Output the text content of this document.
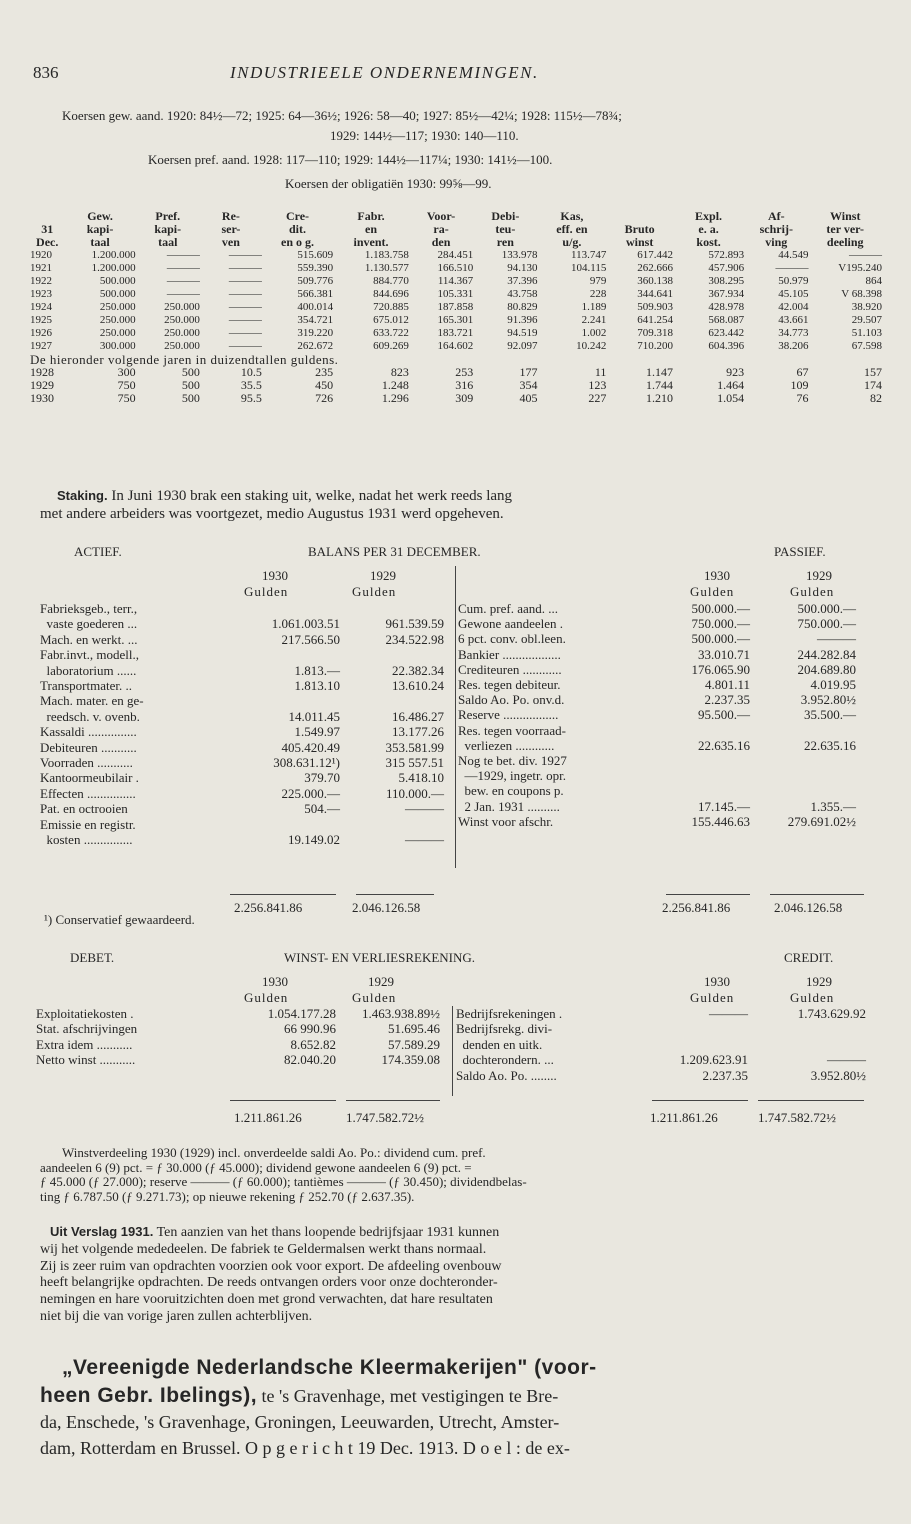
836	INDUSTRIEELE ONDERNEMINGEN.
Koersen gew. aand. 1920: 84½—72; 1925: 64—36½; 1926: 58—40; 1927: 85½—42¼; 1928: 115½—78¾;
1929: 144½—117; 1930: 140—110.
Koersen pref. aand. 1928: 117—110; 1929: 144½—117¼; 1930: 141½—100.
Koersen der obligatiën 1930: 99⅝—99.
	Gew.	Pref.	Re-	Cre-	Fabr.	Voor-	Debi-	Kas,		Expl.	Af-	Winst
31	kapi-	kapi-	ser-	dit.	en	ra-	teu-	eff. en	Bruto	e. a.	schrij-	ter ver-
Dec.	taal	taal	ven	en o g.	invent.	den	ren	u/g.	winst	kost.	ving	deeling
1920	1.200.000	———	———	515.609	1.183.758	284.451	133.978	113.747	617.442	572.893	44.549	———
1921	1.200.000	———	———	559.390	1.130.577	166.510	94.130	104.115	262.666	457.906	———	V195.240
1922	500.000	———	———	509.776	884.770	114.367	37.396	979	360.138	308.295	50.979	864
1923	500.000	———	———	566.381	844.696	105.331	43.758	228	344.641	367.934	45.105	V 68.398
1924	250.000	250.000	———	400.014	720.885	187.858	80.829	1.189	509.903	428.978	42.004	38.920
1925	250.000	250.000	———	354.721	675.012	165.301	91.396	2.241	641.254	568.087	43.661	29.507
1926	250.000	250.000	———	319.220	633.722	183.721	94.519	1.002	709.318	623.442	34.773	51.103
1927	300.000	250.000	———	262.672	609.269	164.602	92.097	10.242	710.200	604.396	38.206	67.598
De hieronder volgende jaren in duizendtallen guldens.												
1928	300	500	10.5	235	823	253	177	11	1.147	923	67	157
1929	750	500	35.5	450	1.248	316	354	123	1.744	1.464	109	174
1930	750	500	95.5	726	1.296	309	405	227	1.210	1.054	76	82
Staking. In Juni 1930 brak een staking uit, welke, nadat het werk reeds lang
met andere arbeiders was voortgezet, medio Augustus 1931 werd opgeheven.
ACTIEF.	BALANS PER 31 DECEMBER.	PASSIEF.
1930	1929	1930	1929
Gulden	Gulden	Gulden	Gulden
Fabrieksgeb., terr.,		
vaste goederen ...	1.061.003.51	961.539.59
Mach. en werkt. ...	217.566.50	234.522.98
Fabr.invt., modell.,		
laboratorium ......	1.813.—	22.382.34
Transportmater. ..	1.813.10	13.610.24
Mach. mater. en ge-		
reedsch. v. ovenb.	14.011.45	16.486.27
Kassaldi ...............	1.549.97	13.177.26
Debiteuren ...........	405.420.49	353.581.99
Voorraden ...........	308.631.12¹)	315 557.51
Kantoormeubilair .	379.70	5.418.10
Effecten ...............	225.000.—	110.000.—
Pat. en octrooien	504.—	———
Emissie en registr.		
kosten ...............	19.149.02	———
Cum. pref. aand. ...	500.000.—	500.000.—
Gewone aandeelen .	750.000.—	750.000.—
6 pct. conv. obl.leen.	500.000.—	———
Bankier ..................	33.010.71	244.282.84
Crediteuren ............	176.065.90	204.689.80
Res. tegen debiteur.	4.801.11	4.019.95
Saldo Ao. Po. onv.d.	2.237.35	3.952.80½
Reserve .................	95.500.—	35.500.—
Res. tegen voorraad-		
verliezen ............	22.635.16	22.635.16
Nog te bet. div. 1927		
—1929, ingetr. opr.		
bew. en coupons p.		
2 Jan. 1931 ..........	17.145.—	1.355.—
Winst voor afschr.	155.446.63	279.691.02½
2.256.841.86	2.046.126.58	2.256.841.86	2.046.126.58
¹) Conservatief gewaardeerd.
DEBET.	WINST- EN VERLIESREKENING.	CREDIT.
1930	1929	1930	1929
Gulden	Gulden	Gulden	Gulden
Exploitatiekosten .	1.054.177.28	1.463.938.89½
Stat. afschrijvingen	66 990.96	51.695.46
Extra idem ...........	8.652.82	57.589.29
Netto winst ...........	82.040.20	174.359.08
Bedrijfsrekeningen .	———	1.743.629.92
Bedrijfsrekg. divi-		
denden en uitk.		
dochterondern. ...	1.209.623.91	———
Saldo Ao. Po. ........	2.237.35	3.952.80½
1.211.861.26	1.747.582.72½	1.211.861.26	1.747.582.72½
Winstverdeeling 1930 (1929) incl. onverdeelde saldi Ao. Po.: dividend cum. pref.
aandeelen 6 (9) pct. = ƒ 30.000 (ƒ 45.000); dividend gewone aandeelen 6 (9) pct. =
ƒ 45.000 (ƒ 27.000); reserve ——— (ƒ 60.000); tantièmes ——— (ƒ 30.450); dividendbelas-
ting ƒ 6.787.50 (ƒ 9.271.73); op nieuwe rekening ƒ 252.70 (ƒ 2.637.35).
Uit Verslag 1931. Ten aanzien van het thans loopende bedrijfsjaar 1931 kunnen
wij het volgende mededeelen. De fabriek te Geldermalsen werkt thans normaal.
Zij is zeer ruim van opdrachten voorzien ook voor export. De afdeeling ovenbouw
heeft belangrijke opdrachten. De reeds ontvangen orders voor onze dochteronder-
nemingen en hare vooruitzichten doen met grond verwachten, dat hare resultaten
niet bij die van vorige jaren zullen achterblijven.
„Vereenigde Nederlandsche Kleermakerijen" (voor-
heen Gebr. Ibelings), te 's Gravenhage, met vestigingen te Bre-
da, Enschede, 's Gravenhage, Groningen, Leeuwarden, Utrecht, Amster-
dam, Rotterdam en Brussel. O p g e r i c h t 19 Dec. 1913. D o e l : de ex-
